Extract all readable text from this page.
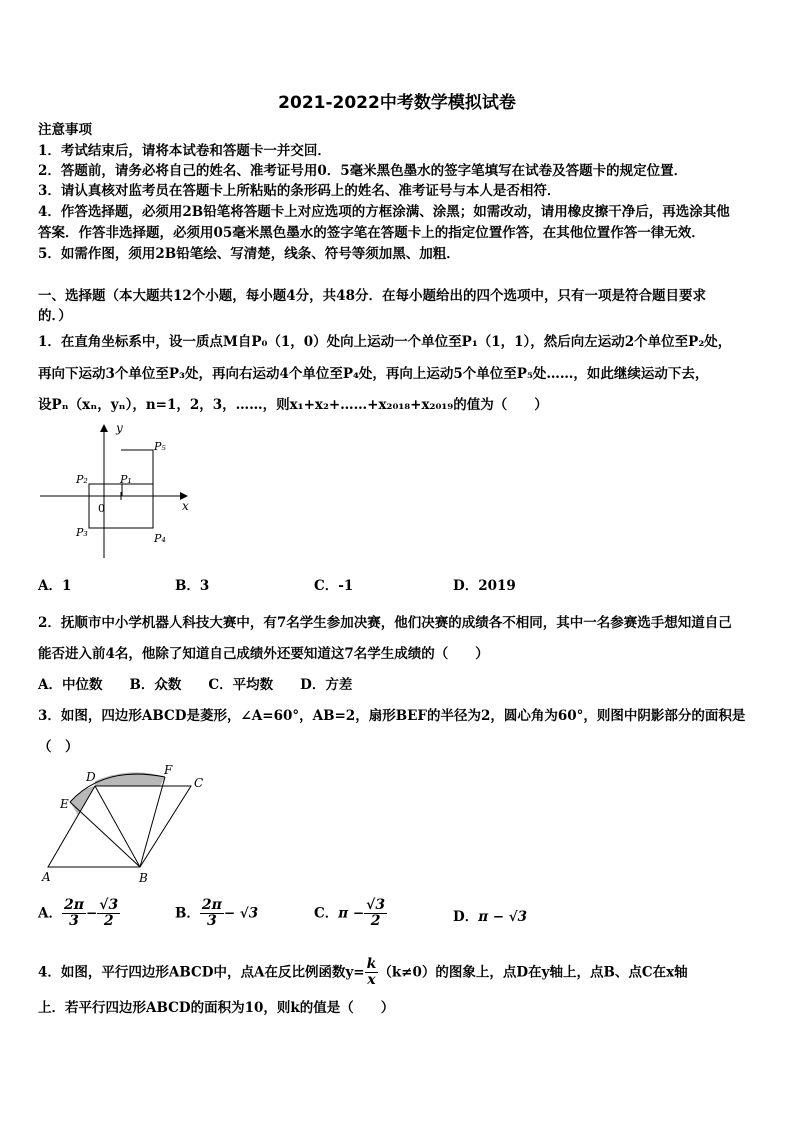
2021-2022中考数学模拟试卷
注意事项
1．考试结束后，请将本试卷和答题卡一并交回．
2．答题前，请务必将自己的姓名、准考证号用0．5毫米黑色墨水的签字笔填写在试卷及答题卡的规定位置．
3．请认真核对监考员在答题卡上所粘贴的条形码上的姓名、准考证号与本人是否相符．
4．作答选择题，必须用2B铅笔将答题卡上对应选项的方框涂满、涂黑；如需改动，请用橡皮擦干净后，再选涂其他
答案．作答非选择题，必须用05毫米黑色墨水的签字笔在答题卡上的指定位置作答，在其他位置作答一律无效．
5．如需作图，须用2B铅笔绘、写清楚，线条、符号等须加黑、加粗．
一、选择题（本大题共12个小题，每小题4分，共48分．在每小题给出的四个选项中，只有一项是符合题目要求
的．）
1．在直角坐标系中，设一质点M自P₀（1，0）处向上运动一个单位至P₁（1，1），然后向左运动2个单位至P₂处，
再向下运动3个单位至P₃处，再向右运动4个单位至P₄处，再向上运动5个单位至P₅处……，如此继续运动下去，
设Pₙ（xₙ，yₙ），n=1，2，3，……，则x₁+x₂+……+x₂₀₁₈+x₂₀₁₉的值为（　　）
y
x
0
P₁
P₂
P₃	P₄
P₅
A．1	B．3	C．-1	D．2019
2．抚顺市中小学机器人科技大赛中，有7名学生参加决赛，他们决赛的成绩各不相同，其中一名参赛选手想知道自己
能否进入前4名，他除了知道自己成绩外还要知道这7名学生成绩的（　　）
A．中位数　　B．众数　　C．平均数　　D．方差
3．如图，四边形ABCD是菱形，∠A=60°，AB=2，扇形BEF的半径为2，圆心角为60°，则图中阴影部分的面积是
（　）
A	B
C
D
E
F
A． $\frac{2\pi}{3} - \frac{√3}{2}$	B． $\frac{2\pi}{3} - √3$	C．$\pi - \frac{√3}{2}$	D．π − √3
4．如图，平行四边形ABCD中，点A在反比例函数$y= \frac{k}{x} (k\ne 0)$的图象上，点D在y轴上，点B、点C在x轴
上．若平行四边形ABCD的面积为10，则k的值是（　　）
